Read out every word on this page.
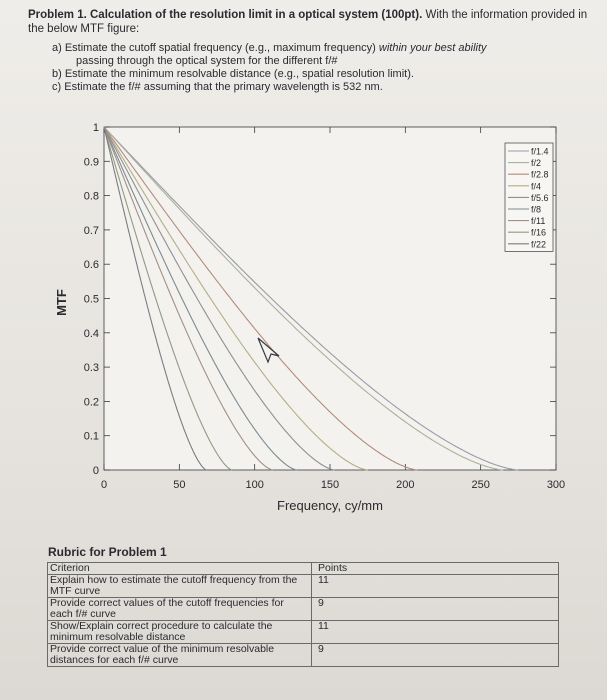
Problem 1. Calculation of the resolution limit in a optical system (100pt). With the information provided in the below MTF figure:
a) Estimate the cutoff spatial frequency (e.g., maximum frequency) within your best ability
passing through the optical system for the different f/#
b) Estimate the minimum resolvable distance (e.g., spatial resolution limit).
c) Estimate the f/# assuming that the primary wavelength is 532 nm.
0
0.1
0.2
0.3
0.4
0.5
0.6
0.7
0.8
0.9
1
0	50	100	150	200	250	300
Frequency, cy/mm
MTF
f/1.4
f/2
f/2.8
f/4
f/5.6
f/8
f/11
f/16
f/22
Rubric for Problem 1
Criterion	Points
Explain how to estimate the cutoff frequency from the MTF curve	11
Provide correct values of the cutoff frequencies for each f/# curve	9
Show/Explain correct procedure to calculate the minimum resolvable distance	11
Provide correct value of the minimum resolvable distances for each f/# curve	9
